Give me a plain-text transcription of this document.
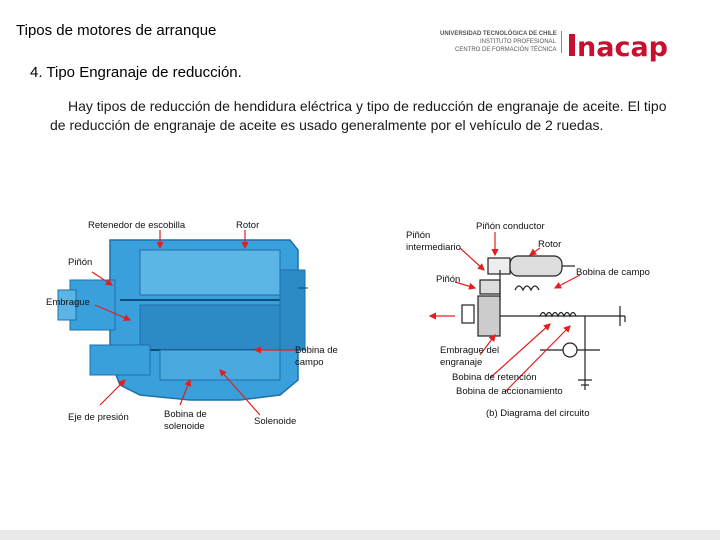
Tipos de motores de arranque	UNIVERSIDAD TECNOLÓGICA DE CHILE
INSTITUTO PROFESIONAL
CENTRO DE FORMACIÓN TÉCNICA nacap
4. Tipo Engranaje de reducción.
Hay tipos de reducción de hendidura eléctrica y tipo de reducción de engranaje de aceite. El tipo de reducción de engranaje de aceite es usado generalmente por el vehículo de 2 ruedas.
Retenedor de escobilla	Rotor
Piñón
Embrague
Bobina de
campo
Eje de presión	Bobina de
solenoide	Solenoide
Piñón conductor
Piñón
intermediario	Rotor
Bobina de campo
Piñón
Embrague del
engranaje
Bobina de retención
Bobina de accionamiento
(b) Diagrama del circuito
